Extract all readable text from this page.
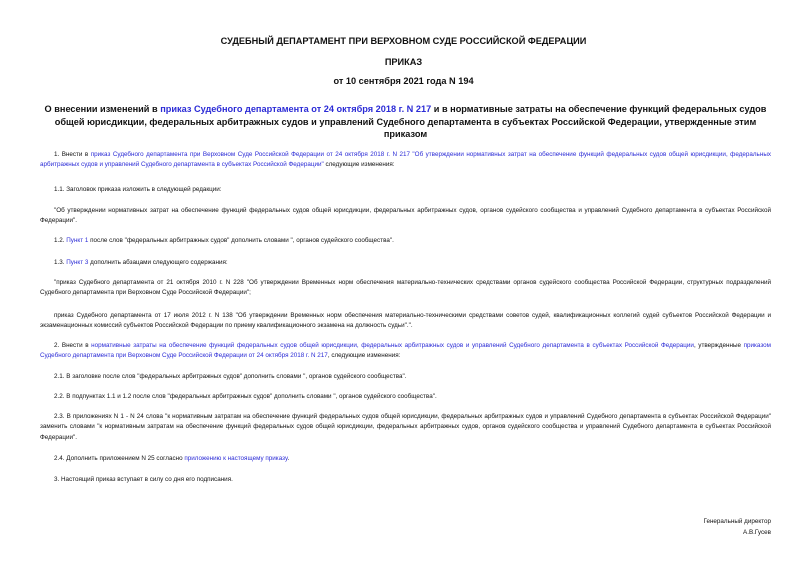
СУДЕБНЫЙ ДЕПАРТАМЕНТ ПРИ ВЕРХОВНОМ СУДЕ РОССИЙСКОЙ ФЕДЕРАЦИИ
ПРИКАЗ
от 10 сентября 2021 года N 194
О внесении изменений в приказ Судебного департамента от 24 октября 2018 г. N 217 и в нормативные затраты на обеспечение функций федеральных судов общей юрисдикции, федеральных арбитражных судов и управлений Судебного департамента в субъектах Российской Федерации, утвержденные этим приказом

1. Внести в приказ Судебного департамента при Верховном Суде Российской Федерации от 24 октября 2018 г. N 217 "Об утверждении нормативных затрат на обеспечение функций федеральных судов общей юрисдикции, федеральных арбитражных судов и управлений Судебного департамента в субъектах Российской Федерации" следующие изменения:

1.1. Заголовок приказа изложить в следующей редакции:

"Об утверждении нормативных затрат на обеспечение функций федеральных судов общей юрисдикции, федеральных арбитражных судов, органов судейского сообщества и управлений Судебного департамента в субъектах Российской Федерации".

1.2. Пункт 1 после слов "федеральных арбитражных судов" дополнить словами ", органов судейского сообщества".

1.3. Пункт 3 дополнить абзацами следующего содержания:

"приказ Судебного департамента от 21 октября 2010 г. N 228 "Об утверждении Временных норм обеспечения материально-технических средствами органов судейского сообщества Российской Федерации, структурных подразделений Судебного департамента при Верховном Суде Российской Федерации";

приказ Судебного департамента от 17 июля 2012 г. N 138 "Об утверждении Временных норм обеспечения материально-техническими средствами советов судей, квалификационных коллегий судей субъектов Российской Федерации и экзаменационных комиссий субъектов Российской Федерации по приему квалификационного экзамена на должность судьи".".

2. Внести в нормативные затраты на обеспечение функций федеральных судов общей юрисдикции, федеральных арбитражных судов и управлений Судебного департамента в субъектах Российской Федерации, утвержденные приказом Судебного департамента при Верховном Суде Российской Федерации от 24 октября 2018 г. N 217, следующие изменения:

2.1. В заголовке после слов "федеральных арбитражных судов" дополнить словами ", органов судейского сообщества".

2.2. В подпунктах 1.1 и 1.2 после слов "федеральных арбитражных судов" дополнить словами ", органов судейского сообщества".

2.3. В приложениях N 1 - N 24 слова "к нормативным затратам на обеспечение функций федеральных судов общей юрисдикции, федеральных арбитражных судов и управлений Судебного департамента в субъектах Российской Федерации" заменить словами "к нормативным затратам на обеспечение функций федеральных судов общей юрисдикции, федеральных арбитражных судов, органов судейского сообщества и управлений Судебного департамента в субъектах Российской Федерации".

2.4. Дополнить приложением N 25 согласно приложению к настоящему приказу.

3. Настоящий приказ вступает в силу со дня его подписания.

Генеральный директор
А.В.Гусев
